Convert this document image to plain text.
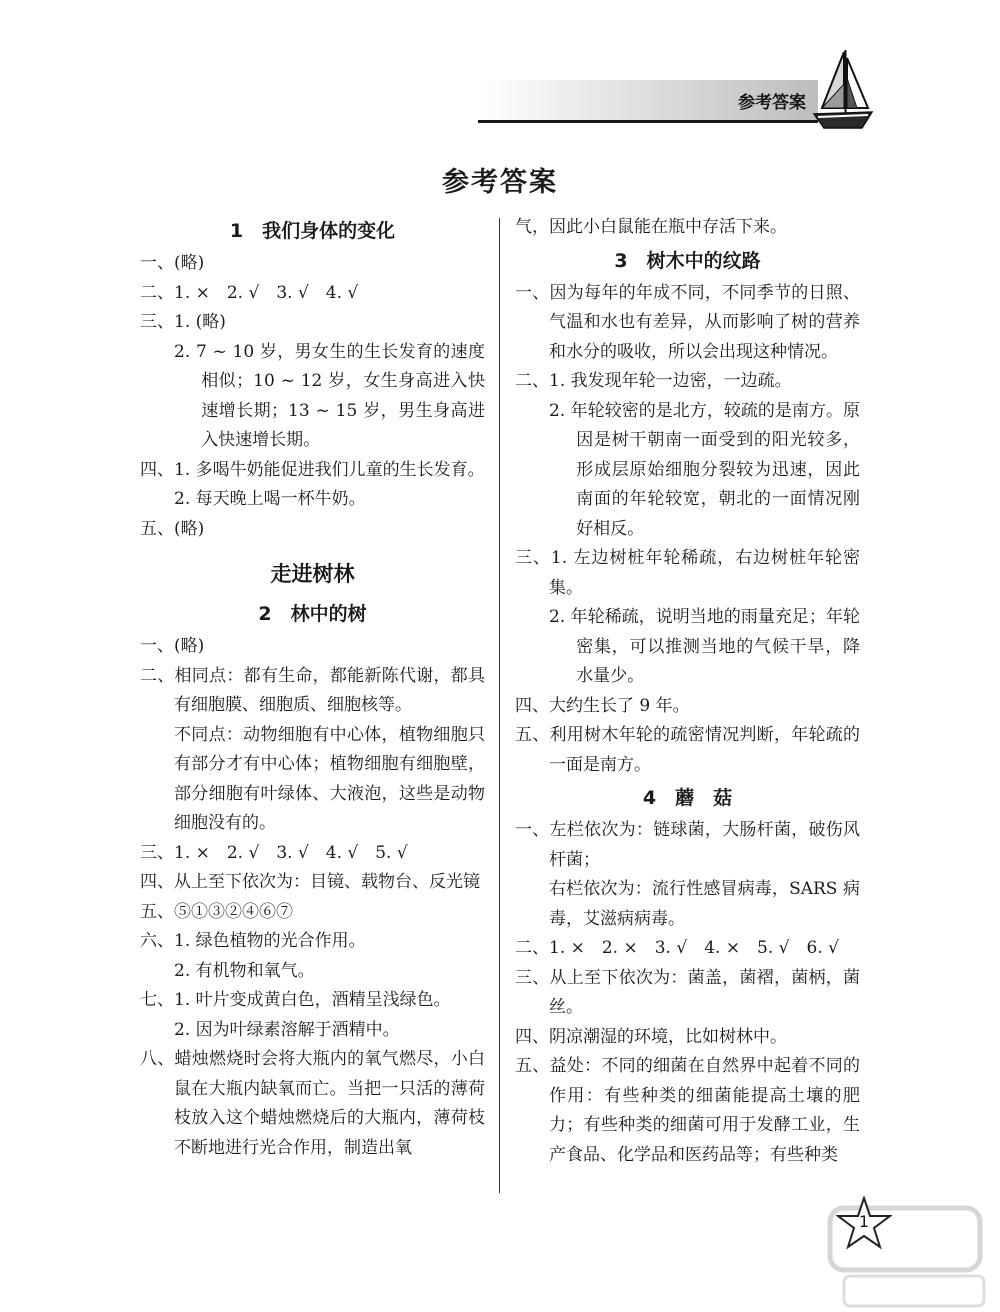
参考答案
参考答案
1　我们身体的变化
一、(略)
二、1. ×　2. √　3. √　4. √
三、1. (略)
2. 7 ~ 10 岁，男女生的生长发育的速度相似；10 ~ 12 岁，女生身高进入快速增长期；13 ~ 15 岁，男生身高进入快速增长期。
四、1. 多喝牛奶能促进我们儿童的生长发育。
2. 每天晚上喝一杯牛奶。
五、(略)
走进树林
2　林中的树
一、(略)
二、相同点：都有生命，都能新陈代谢，都具有细胞膜、细胞质、细胞核等。
不同点：动物细胞有中心体，植物细胞只有部分才有中心体；植物细胞有细胞壁，部分细胞有叶绿体、大液泡，这些是动物细胞没有的。
三、1. ×　2. √　3. √　4. √　5. √
四、从上至下依次为：目镜、载物台、反光镜
五、⑤①③②④⑥⑦
六、1. 绿色植物的光合作用。
2. 有机物和氧气。
七、1. 叶片变成黄白色，酒精呈浅绿色。
2. 因为叶绿素溶解于酒精中。
八、蜡烛燃烧时会将大瓶内的氧气燃尽，小白鼠在大瓶内缺氧而亡。当把一只活的薄荷枝放入这个蜡烛燃烧后的大瓶内，薄荷枝不断地进行光合作用，制造出氧
气，因此小白鼠能在瓶中存活下来。
3　树木中的纹路
一、因为每年的年成不同，不同季节的日照、气温和水也有差异，从而影响了树的营养和水分的吸收，所以会出现这种情况。
二、1. 我发现年轮一边密，一边疏。
2. 年轮较密的是北方，较疏的是南方。原因是树干朝南一面受到的阳光较多，形成层原始细胞分裂较为迅速，因此南面的年轮较宽，朝北的一面情况刚好相反。
三、1. 左边树桩年轮稀疏，右边树桩年轮密集。
2. 年轮稀疏，说明当地的雨量充足；年轮密集，可以推测当地的气候干旱，降水量少。
四、大约生长了 9 年。
五、利用树木年轮的疏密情况判断，年轮疏的一面是南方。
4　蘑　菇
一、左栏依次为：链球菌，大肠杆菌，破伤风杆菌；
右栏依次为：流行性感冒病毒，SARS 病毒，艾滋病病毒。
二、1. ×　2. ×　3. √　4. ×　5. √　6. √
三、从上至下依次为：菌盖，菌褶，菌柄，菌丝。
四、阴凉潮湿的环境，比如树林中。
五、益处：不同的细菌在自然界中起着不同的作用：有些种类的细菌能提高土壤的肥力；有些种类的细菌可用于发酵工业，生产食品、化学品和医药品等；有些种类
1
